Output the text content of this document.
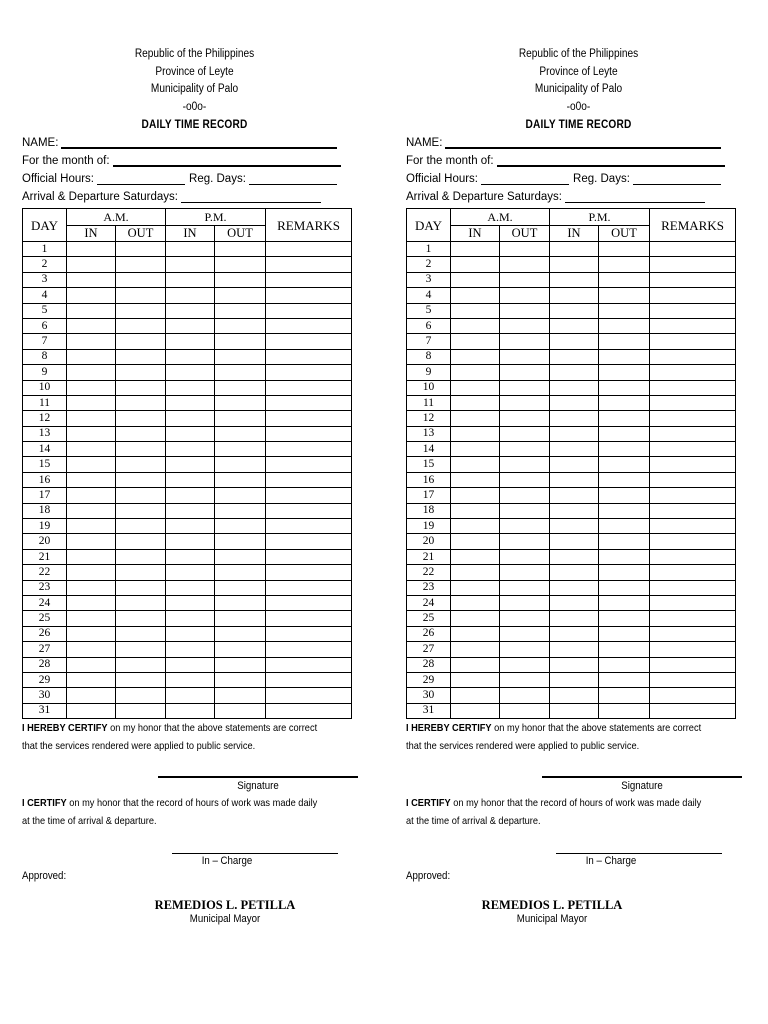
Republic of the Philippines
Province of Leyte
Municipality of Palo
-o0o-
DAILY TIME RECORD
NAME:
For the month of:
Official Hours:	Reg. Days:
Arrival & Departure Saturdays:
DAY	A.M.		P.M.		REMARKS
	IN	OUT	IN	OUT	
1					
2					
3					
4					
5					
6					
7					
8					
9					
10					
11					
12					
13					
14					
15					
16					
17					
18					
19					
20					
21					
22					
23					
24					
25					
26					
27					
28					
29					
30					
31					
I HEREBY CERTIFY on my honor that the above statements are correct
that the services rendered were applied to public service.
Signature
I CERTIFY on my honor that the record of hours of work was made daily
at the time of arrival & departure.
In – Charge
Approved:
REMEDIOS L. PETILLA
Municipal Mayor
Republic of the Philippines
Province of Leyte
Municipality of Palo
-o0o-
DAILY TIME RECORD
NAME:
For the month of:
Official Hours:	Reg. Days:
Arrival & Departure Saturdays:
DAY	A.M.		P.M.		REMARKS
	IN	OUT	IN	OUT	
1					
2					
3					
4					
5					
6					
7					
8					
9					
10					
11					
12					
13					
14					
15					
16					
17					
18					
19					
20					
21					
22					
23					
24					
25					
26					
27					
28					
29					
30					
31					
I HEREBY CERTIFY on my honor that the above statements are correct
that the services rendered were applied to public service.
Signature
I CERTIFY on my honor that the record of hours of work was made daily
at the time of arrival & departure.
In – Charge
Approved:
REMEDIOS L. PETILLA
Municipal Mayor
